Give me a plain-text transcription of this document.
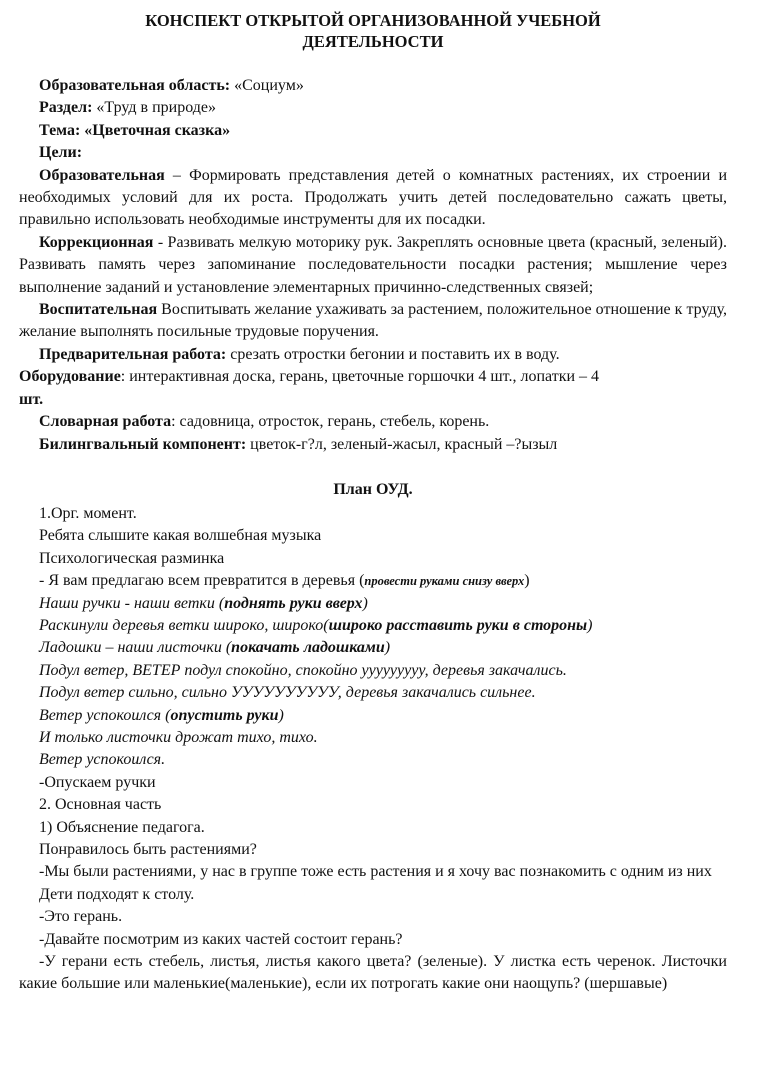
КОНСПЕКТ ОТКРЫТОЙ ОРГАНИЗОВАННОЙ УЧЕБНОЙ
ДЕЯТЕЛЬНОСТИ

Образовательная область: «Социум»

Раздел: «Труд в природе»

Тема: «Цветочная сказка»

Цели:

Образовательная – Формировать представления детей о комнатных растениях, их строении и необходимых условий для их роста. Продолжать учить детей последовательно сажать цветы, правильно использовать необходимые инструменты для их посадки.

Коррекционная - Развивать мелкую моторику рук. Закреплять основные цвета (красный, зеленый). Развивать память через запоминание последовательности посадки растения; мышление через выполнение заданий и установление элементарных причинно-следственных связей;

Воспитательная Воспитывать желание ухаживать за растением, положительное отношение к труду, желание выполнять посильные трудовые поручения.

Предварительная работа: срезать отростки бегонии и поставить их в воду.

Оборудование: интерактивная доска, герань, цветочные горшочки 4 шт., лопатки – 4
шт.

Словарная работа: садовница, отросток, герань, стебель, корень.

Билингвальный компонент: цветок-г?л, зеленый-жасыл, красный –?ызыл

План ОУД.

1.Орг. момент.

Ребята слышите какая волшебная музыка

Психологическая разминка

- Я вам предлагаю всем превратится в деревья (провести руками снизу вверх)

Наши ручки - наши ветки (поднять руки вверх)

Раскинули деревья ветки широко, широко(широко расставить руки в стороны)

Ладошки – наши листочки (покачать ладошками)

Подул ветер, ВЕТЕР подул спокойно, спокойно ууууууууу, деревья закачались.

Подул ветер сильно, сильно УУУУУУУУУУ, деревья закачались сильнее.

Ветер успокоился (опустить руки)

И только листочки дрожат тихо, тихо.

Ветер успокоился.

-Опускаем ручки

2. Основная часть

1) Объяснение педагога.

Понравилось быть растениями?

-Мы были растениями, у нас в группе тоже есть растения и я хочу вас познакомить с одним из них

Дети подходят к столу.

-Это герань.

-Давайте посмотрим из каких частей состоит герань?

-У герани есть стебель, листья, листья какого цвета? (зеленые). У листка есть черенок. Листочки какие большие или маленькие(маленькие), если их потрогать какие они наощупь? (шершавые)
